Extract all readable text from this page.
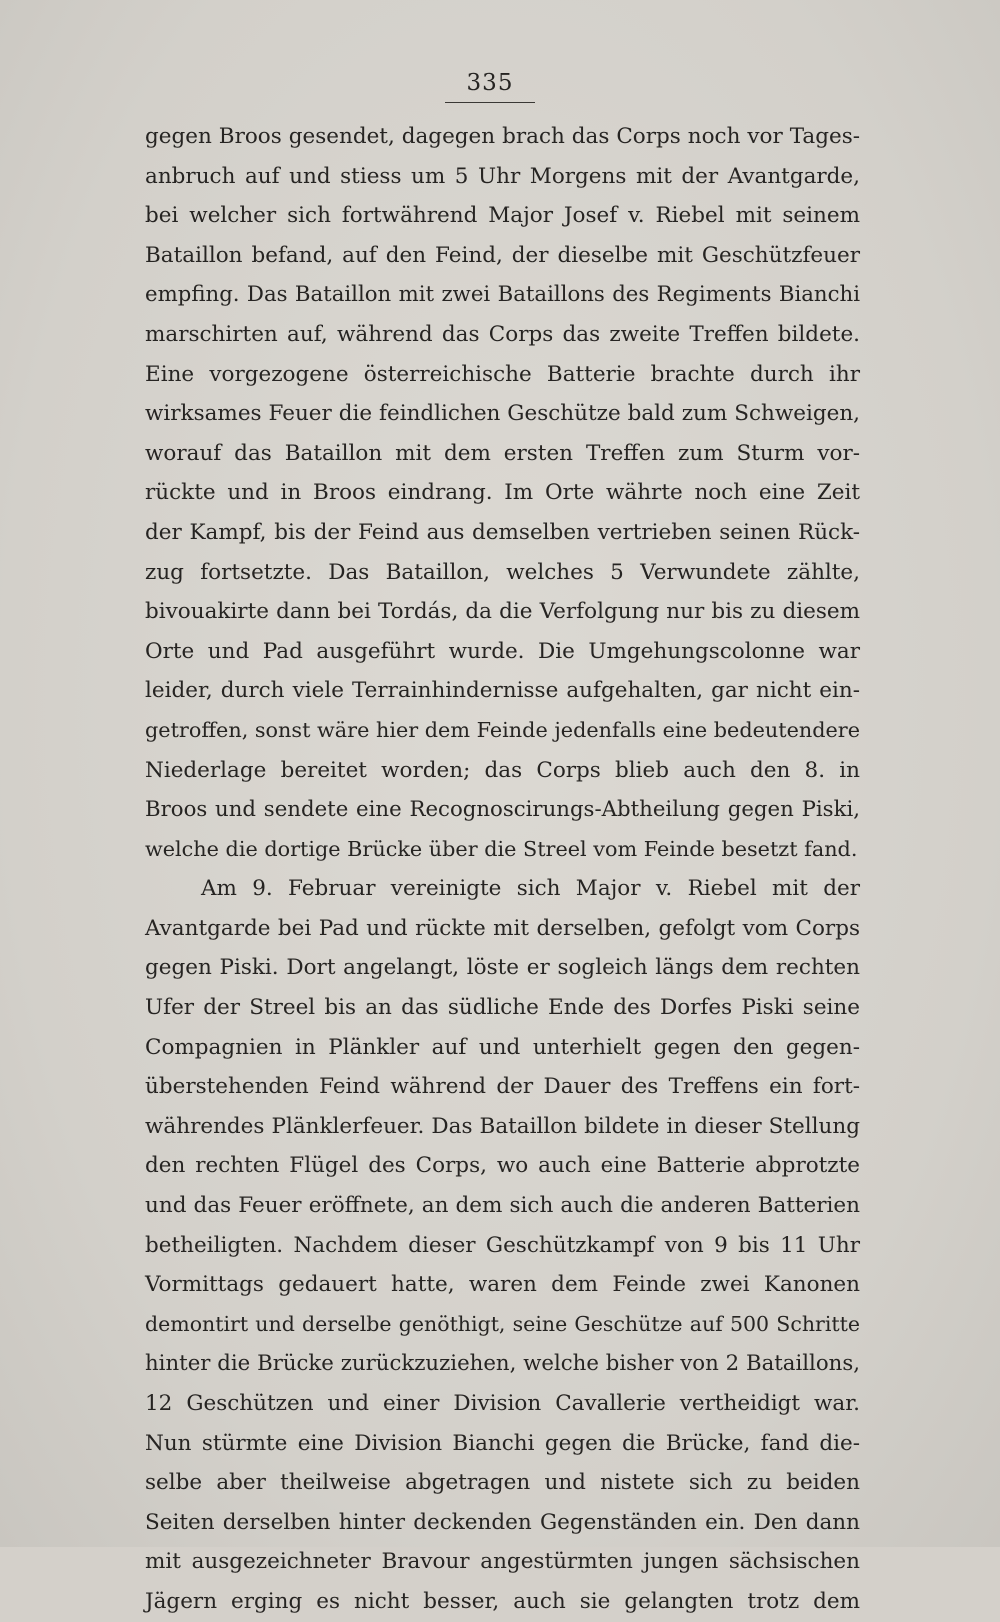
335
gegen Broos gesendet, dagegen brach das Corps noch vor Tages-
anbruch auf und stiess um 5 Uhr Morgens mit der Avantgarde,
bei welcher sich fortwährend Major Josef v. Riebel mit seinem
Bataillon befand, auf den Feind, der dieselbe mit Geschützfeuer
empfing. Das Bataillon mit zwei Bataillons des Regiments Bianchi
marschirten auf, während das Corps das zweite Treffen bildete.
Eine vorgezogene österreichische Batterie brachte durch ihr
wirksames Feuer die feindlichen Geschütze bald zum Schweigen,
worauf das Bataillon mit dem ersten Treffen zum Sturm vor-
rückte und in Broos eindrang. Im Orte währte noch eine Zeit
der Kampf, bis der Feind aus demselben vertrieben seinen Rück-
zug fortsetzte. Das Bataillon, welches 5 Verwundete zählte,
bivouakirte dann bei Tordás, da die Verfolgung nur bis zu diesem
Orte und Pad ausgeführt wurde. Die Umgehungscolonne war
leider, durch viele Terrainhindernisse aufgehalten, gar nicht ein-
getroffen, sonst wäre hier dem Feinde jedenfalls eine bedeutendere
Niederlage bereitet worden; das Corps blieb auch den 8. in
Broos und sendete eine Recognoscirungs-Abtheilung gegen Piski,
welche die dortige Brücke über die Streel vom Feinde besetzt fand.
Am 9. Februar vereinigte sich Major v. Riebel mit der
Avantgarde bei Pad und rückte mit derselben, gefolgt vom Corps
gegen Piski. Dort angelangt, löste er sogleich längs dem rechten
Ufer der Streel bis an das südliche Ende des Dorfes Piski seine
Compagnien in Plänkler auf und unterhielt gegen den gegen-
überstehenden Feind während der Dauer des Treffens ein fort-
währendes Plänklerfeuer. Das Bataillon bildete in dieser Stellung
den rechten Flügel des Corps, wo auch eine Batterie abprotzte
und das Feuer eröffnete, an dem sich auch die anderen Batterien
betheiligten. Nachdem dieser Geschützkampf von 9 bis 11 Uhr
Vormittags gedauert hatte, waren dem Feinde zwei Kanonen
demontirt und derselbe genöthigt, seine Geschütze auf 500 Schritte
hinter die Brücke zurückzuziehen, welche bisher von 2 Bataillons,
12 Geschützen und einer Division Cavallerie vertheidigt war.
Nun stürmte eine Division Bianchi gegen die Brücke, fand die-
selbe aber theilweise abgetragen und nistete sich zu beiden
Seiten derselben hinter deckenden Gegenständen ein. Den dann
mit ausgezeichneter Bravour angestürmten jungen sächsischen
Jägern erging es nicht besser, auch sie gelangten trotz dem
